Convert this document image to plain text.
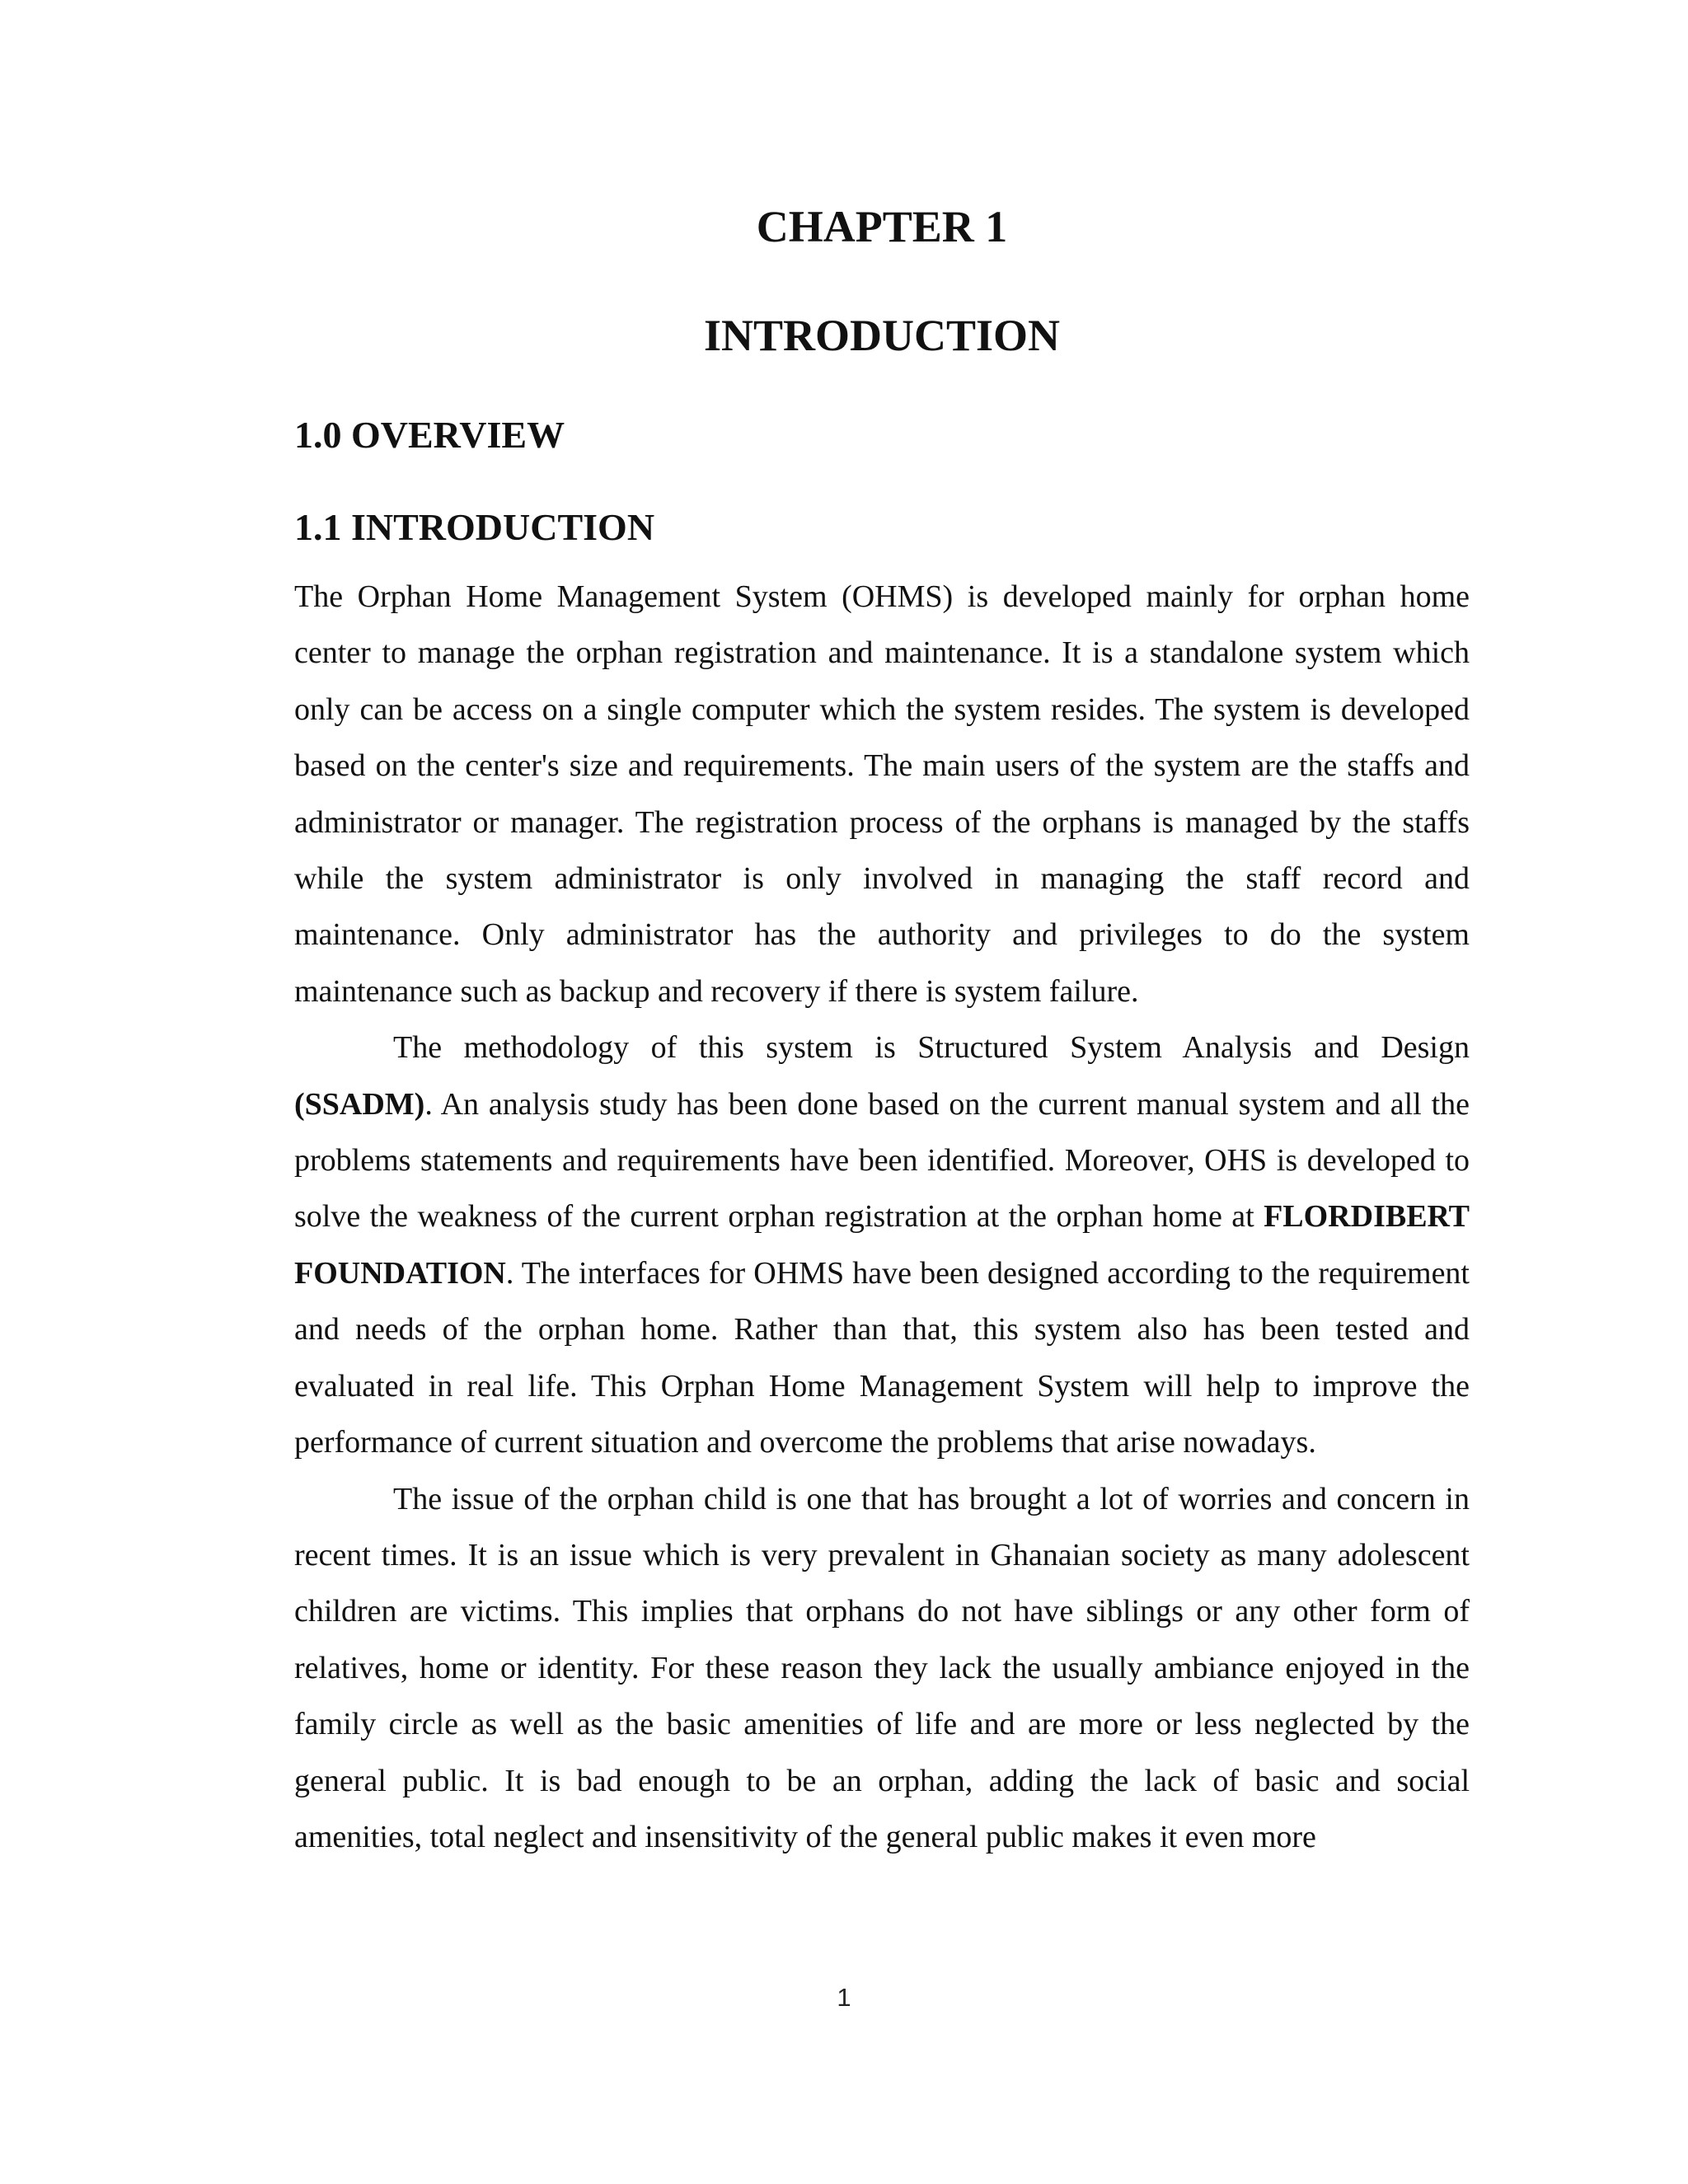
CHAPTER 1
INTRODUCTION
1.0 OVERVIEW
1.1 INTRODUCTION

The Orphan Home Management System (OHMS) is developed mainly for orphan home center to manage the orphan registration and maintenance. It is a standalone system which only can be access on a single computer which the system resides. The system is developed based on the center's size and requirements. The main users of the system are the staffs and administrator or manager. The registration process of the orphans is managed by the staffs while the system administrator is only involved in managing the staff record and maintenance. Only administrator has the authority and privileges to do the system maintenance such as backup and recovery if there is system failure.

The methodology of this system is Structured System Analysis and Design (SSADM). An analysis study has been done based on the current manual system and all the problems statements and requirements have been identified. Moreover, OHS is developed to solve the weakness of the current orphan registration at the orphan home at FLORDIBERT FOUNDATION. The interfaces for OHMS have been designed according to the requirement and needs of the orphan home. Rather than that, this system also has been tested and evaluated in real life. This Orphan Home Management System will help to improve the performance of current situation and overcome the problems that arise nowadays.

The issue of the orphan child is one that has brought a lot of worries and concern in recent times. It is an issue which is very prevalent in Ghanaian society as many adolescent children are victims. This implies that orphans do not have siblings or any other form of relatives, home or identity. For these reason they lack the usually ambiance enjoyed in the family circle as well as the basic amenities of life and are more or less neglected by the general public. It is bad enough to be an orphan, adding the lack of basic and social amenities, total neglect and insensitivity of the general public makes it even more

1
